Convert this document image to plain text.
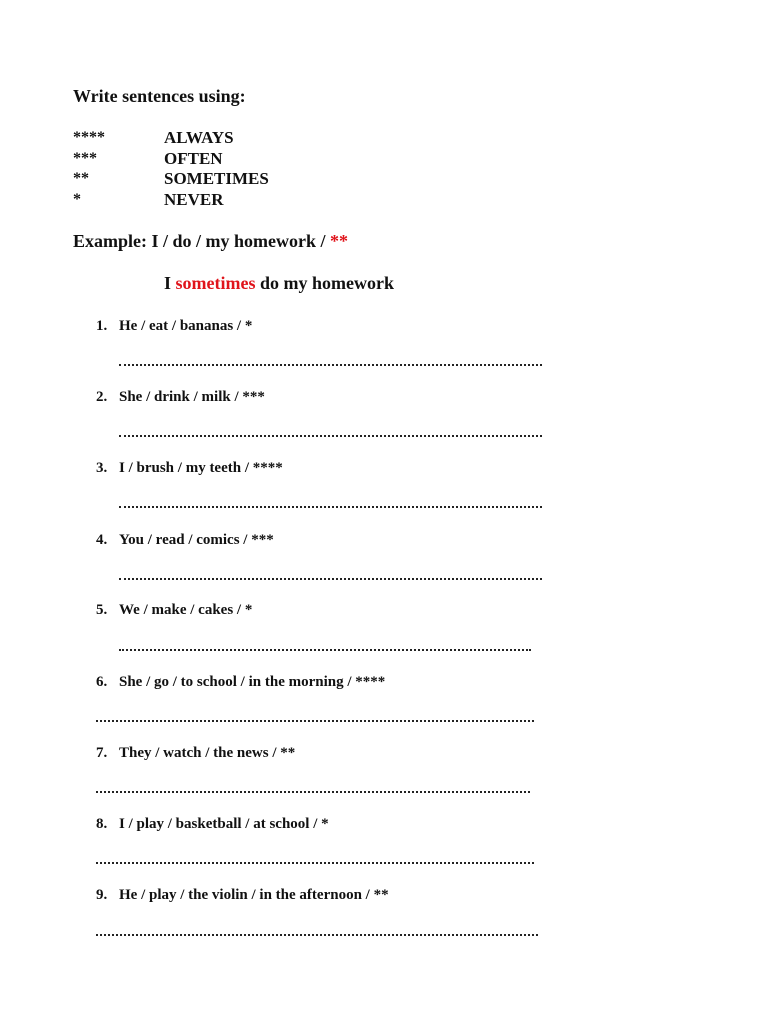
Write sentences using:
****	ALWAYS
***	OFTEN
**	SOMETIMES
*	NEVER
Example: I / do / my homework / **
I sometimes do my homework
1. He / eat / bananas / *
2. She / drink / milk / ***
3. I / brush / my teeth / ****
4. You / read / comics / ***
5. We / make / cakes / *
6. She / go / to school / in the morning / ****
7. They / watch / the news / **
8. I / play / basketball / at school / *
9. He / play / the violin / in the afternoon / **
